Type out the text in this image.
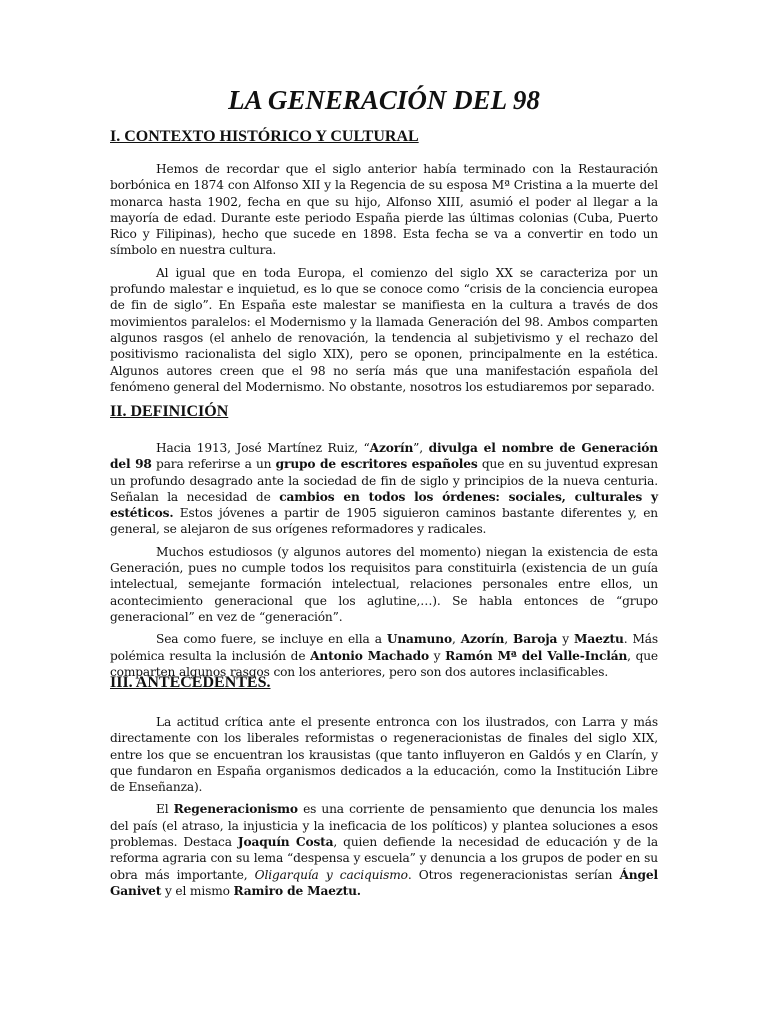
LA GENERACIÓN DEL 98
I. CONTEXTO HISTÓRICO Y CULTURAL

Hemos de recordar que el siglo anterior había terminado con la Restauración borbónica en 1874 con Alfonso XII y la Regencia de su esposa Mª Cristina a la muerte del monarca hasta 1902, fecha en que su hijo, Alfonso XIII, asumió el poder al llegar a la mayoría de edad. Durante este periodo España pierde las últimas colonias (Cuba, Puerto Rico y Filipinas), hecho que sucede en 1898. Esta fecha se va a convertir en todo un símbolo en nuestra cultura.

Al igual que en toda Europa, el comienzo del siglo XX se caracteriza por un profundo malestar e inquietud, es lo que se conoce como “crisis de la conciencia europea de fin de siglo”. En España este malestar se manifiesta en la cultura a través de dos movimientos paralelos: el Modernismo y la llamada Generación del 98. Ambos comparten algunos rasgos (el anhelo de renovación, la tendencia al subjetivismo y el rechazo del positivismo racionalista del siglo XIX), pero se oponen, principalmente en la estética. Algunos autores creen que el 98 no sería más que una manifestación española del fenómeno general del Modernismo. No obstante, nosotros los estudiaremos por separado.

II. DEFINICIÓN

Hacia 1913, José Martínez Ruiz, “Azorín”, divulga el nombre de Generación del 98 para referirse a un grupo de escritores españoles que en su juventud expresan un profundo desagrado ante la sociedad de fin de siglo y principios de la nueva centuria. Señalan la necesidad de cambios en todos los órdenes: sociales, culturales y estéticos. Estos jóvenes a partir de 1905 siguieron caminos bastante diferentes y, en general, se alejaron de sus orígenes reformadores y radicales.

Muchos estudiosos (y algunos autores del momento) niegan la existencia de esta Generación, pues no cumple todos los requisitos para constituirla (existencia de un guía intelectual, semejante formación intelectual, relaciones personales entre ellos, un acontecimiento generacional que los aglutine,…). Se habla entonces de “grupo generacional” en vez de “generación”.

Sea como fuere, se incluye en ella a Unamuno, Azorín, Baroja y Maeztu. Más polémica resulta la inclusión de Antonio Machado y Ramón Mª del Valle-Inclán, que comparten algunos rasgos con los anteriores, pero son dos autores inclasificables.

III. ANTECEDENTES.

La actitud crítica ante el presente entronca con los ilustrados, con Larra y más directamente con los liberales reformistas o regeneracionistas de finales del siglo XIX, entre los que se encuentran los krausistas (que tanto influyeron en Galdós y en Clarín, y que fundaron en España organismos dedicados a la educación, como la Institución Libre de Enseñanza).

El Regeneracionismo es una corriente de pensamiento que denuncia los males del país (el atraso, la injusticia y la ineficacia de los políticos) y plantea soluciones a esos problemas. Destaca Joaquín Costa, quien defiende la necesidad de educación y de la reforma agraria con su lema “despensa y escuela” y denuncia a los grupos de poder en su obra más importante, Oligarquía y caciquismo. Otros regeneracionistas serían Ángel Ganivet y el mismo Ramiro de Maeztu.
